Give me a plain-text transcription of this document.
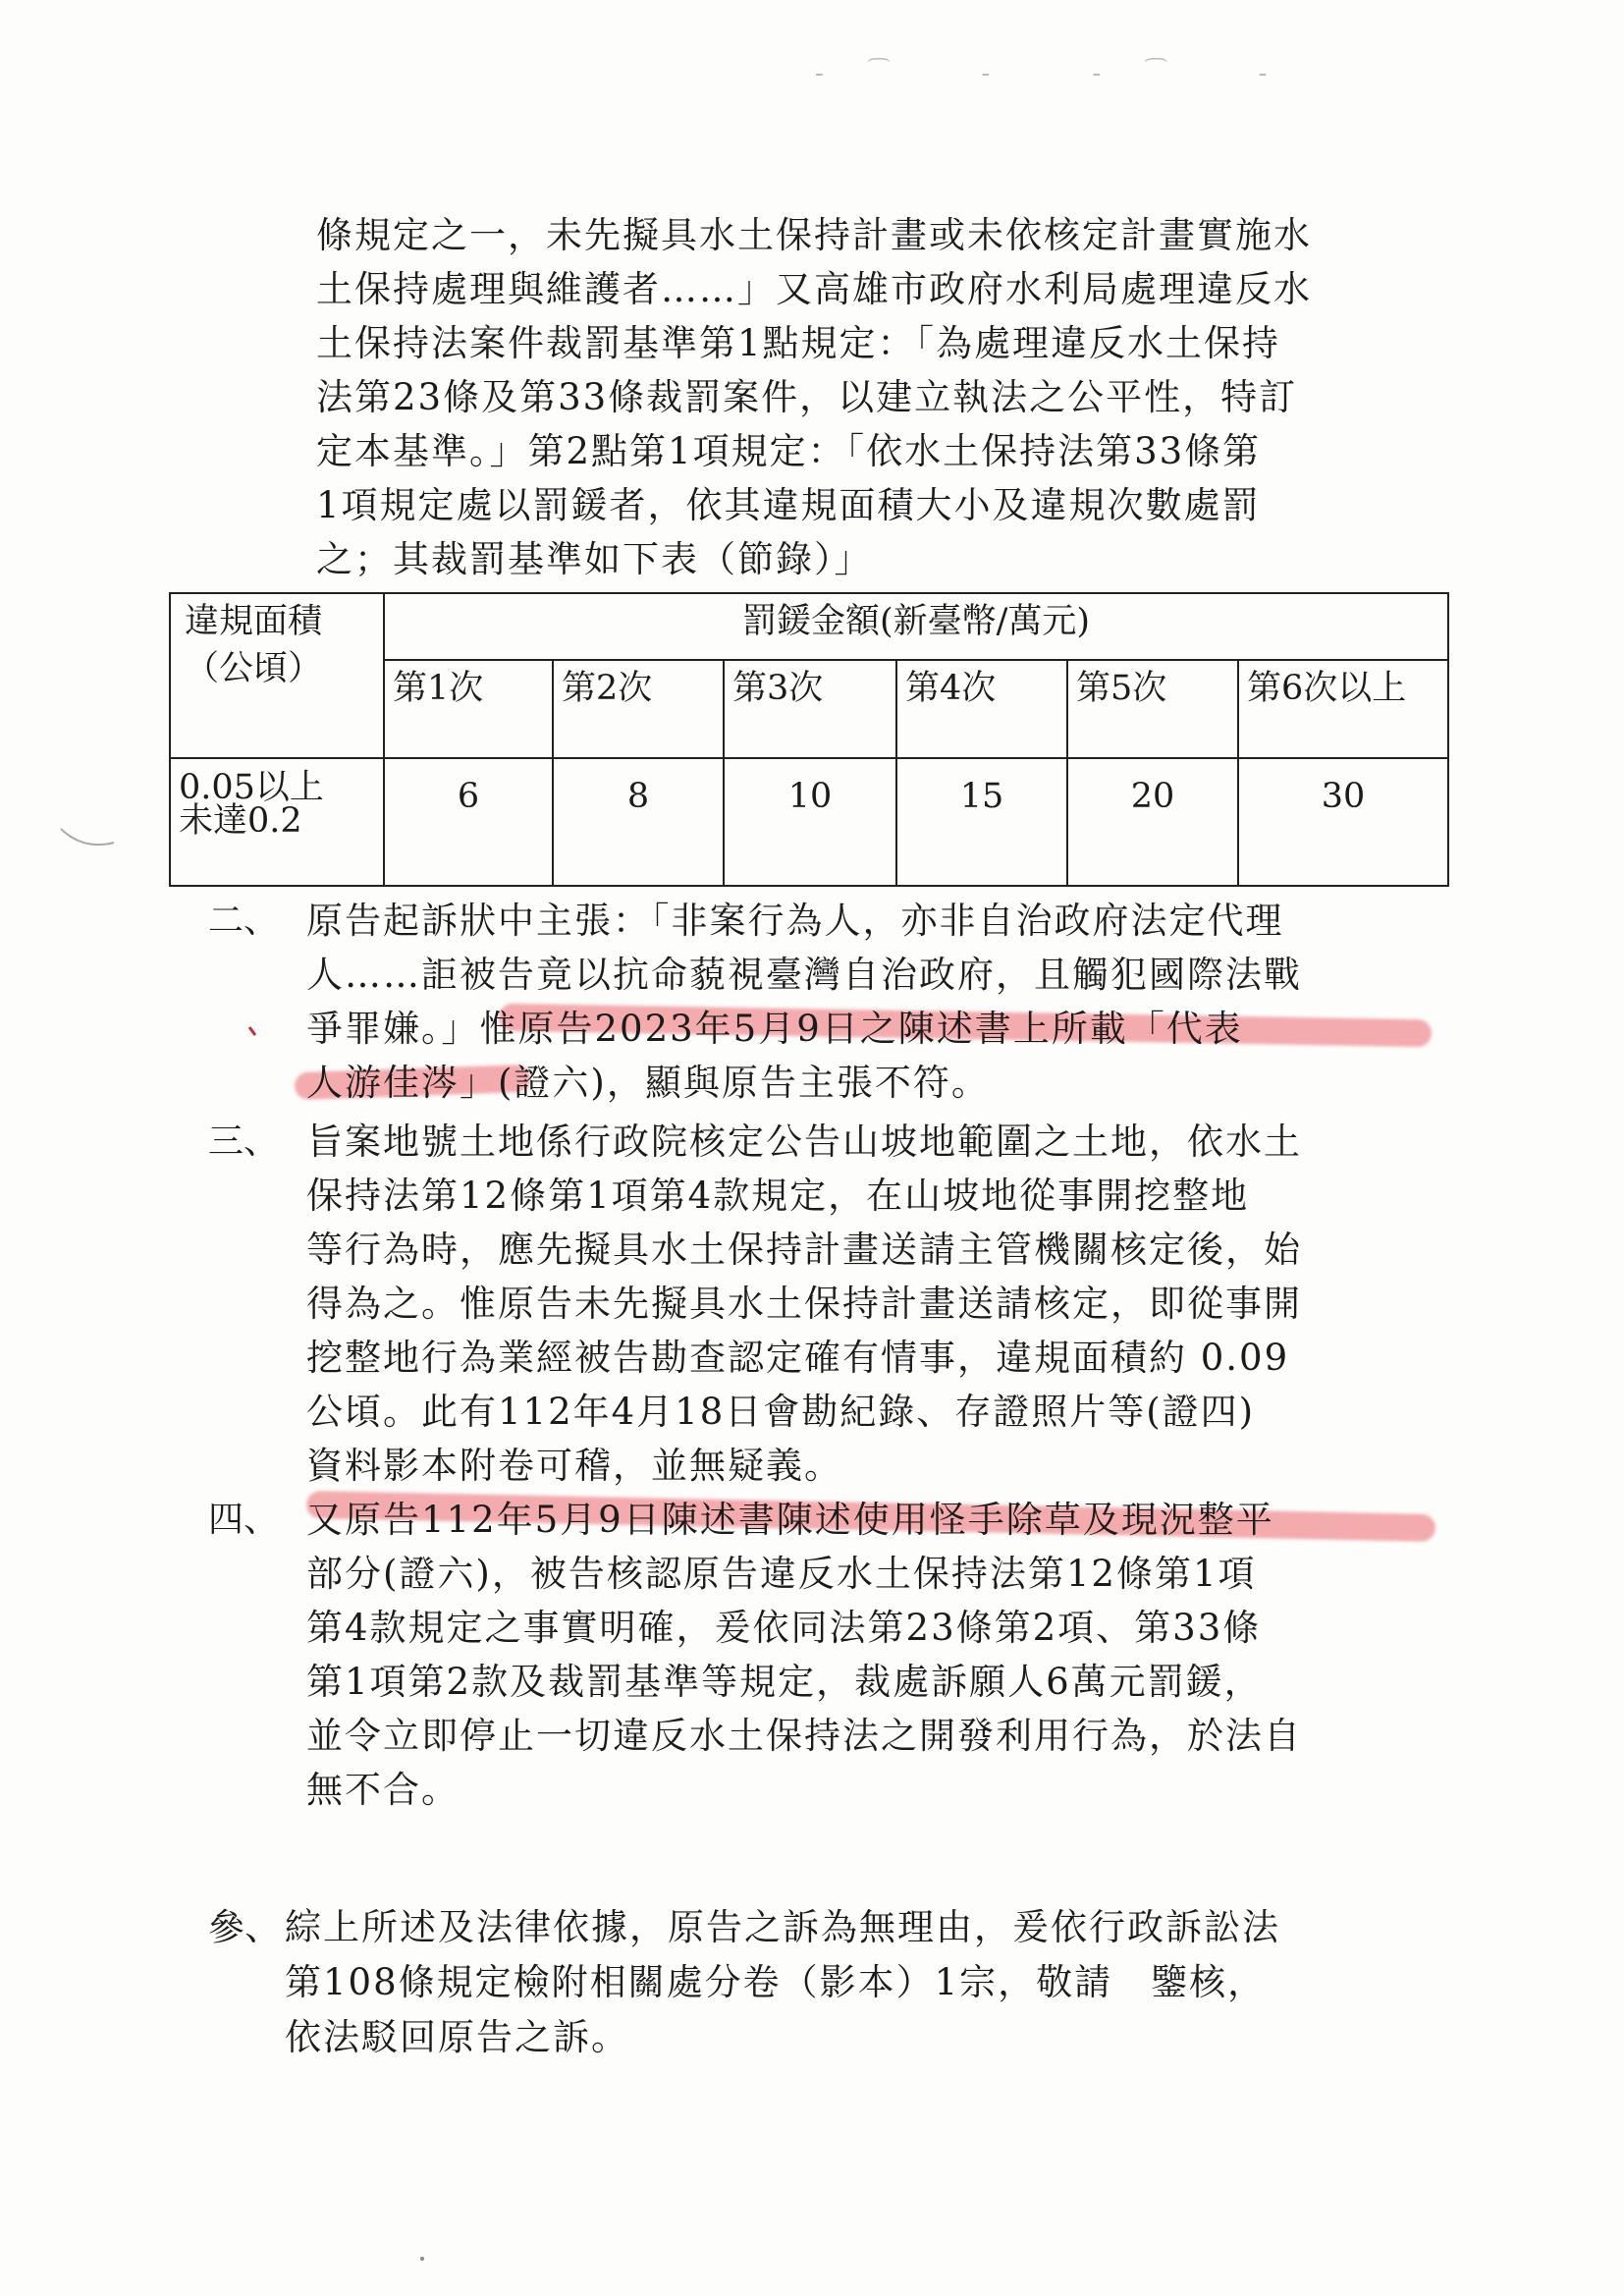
- ͡ - - ͡ -
條規定之一，未先擬具水土保持計畫或未依核定計畫實施水
土保持處理與維護者……」又高雄市政府水利局處理違反水
土保持法案件裁罰基準第1點規定：「為處理違反水土保持
法第23條及第33條裁罰案件，以建立執法之公平性，特訂
定本基準。」第2點第1項規定：「依水土保持法第33條第
1項規定處以罰鍰者，依其違規面積大小及違規次數處罰
之；其裁罰基準如下表（節錄）」
違規面積
（公頃）	罰鍰金額(新臺幣/萬元)					
	第1次	第2次	第3次	第4次	第5次	第6次以上

0.05以上
未達0.2	6	8	10	15	20	30
二、 原告起訴狀中主張：「非案行為人，亦非自治政府法定代理
人……詎被告竟以抗命藐視臺灣自治政府，且觸犯國際法戰
爭罪嫌。」惟原告2023年5月9日之陳述書上所載「代表
人游佳涔」(證六)，顯與原告主張不符。
三、 旨案地號土地係行政院核定公告山坡地範圍之土地，依水土
保持法第12條第1項第4款規定，在山坡地從事開挖整地
等行為時，應先擬具水土保持計畫送請主管機關核定後，始
得為之。惟原告未先擬具水土保持計畫送請核定，即從事開
挖整地行為業經被告勘查認定確有情事，違規面積約 0.09
公頃。此有112年4月18日會勘紀錄、存證照片等(證四)
資料影本附卷可稽，並無疑義。
四、 又原告112年5月9日陳述書陳述使用怪手除草及現況整平
部分(證六)，被告核認原告違反水土保持法第12條第1項
第4款規定之事實明確，爰依同法第23條第2項、第33條
第1項第2款及裁罰基準等規定，裁處訴願人6萬元罰鍰，
並令立即停止一切違反水土保持法之開發利用行為，於法自
無不合。
參、 綜上所述及法律依據，原告之訴為無理由，爰依行政訴訟法
第108條規定檢附相關處分卷（影本）1宗，敬請　鑒核，
依法駁回原告之訴。
